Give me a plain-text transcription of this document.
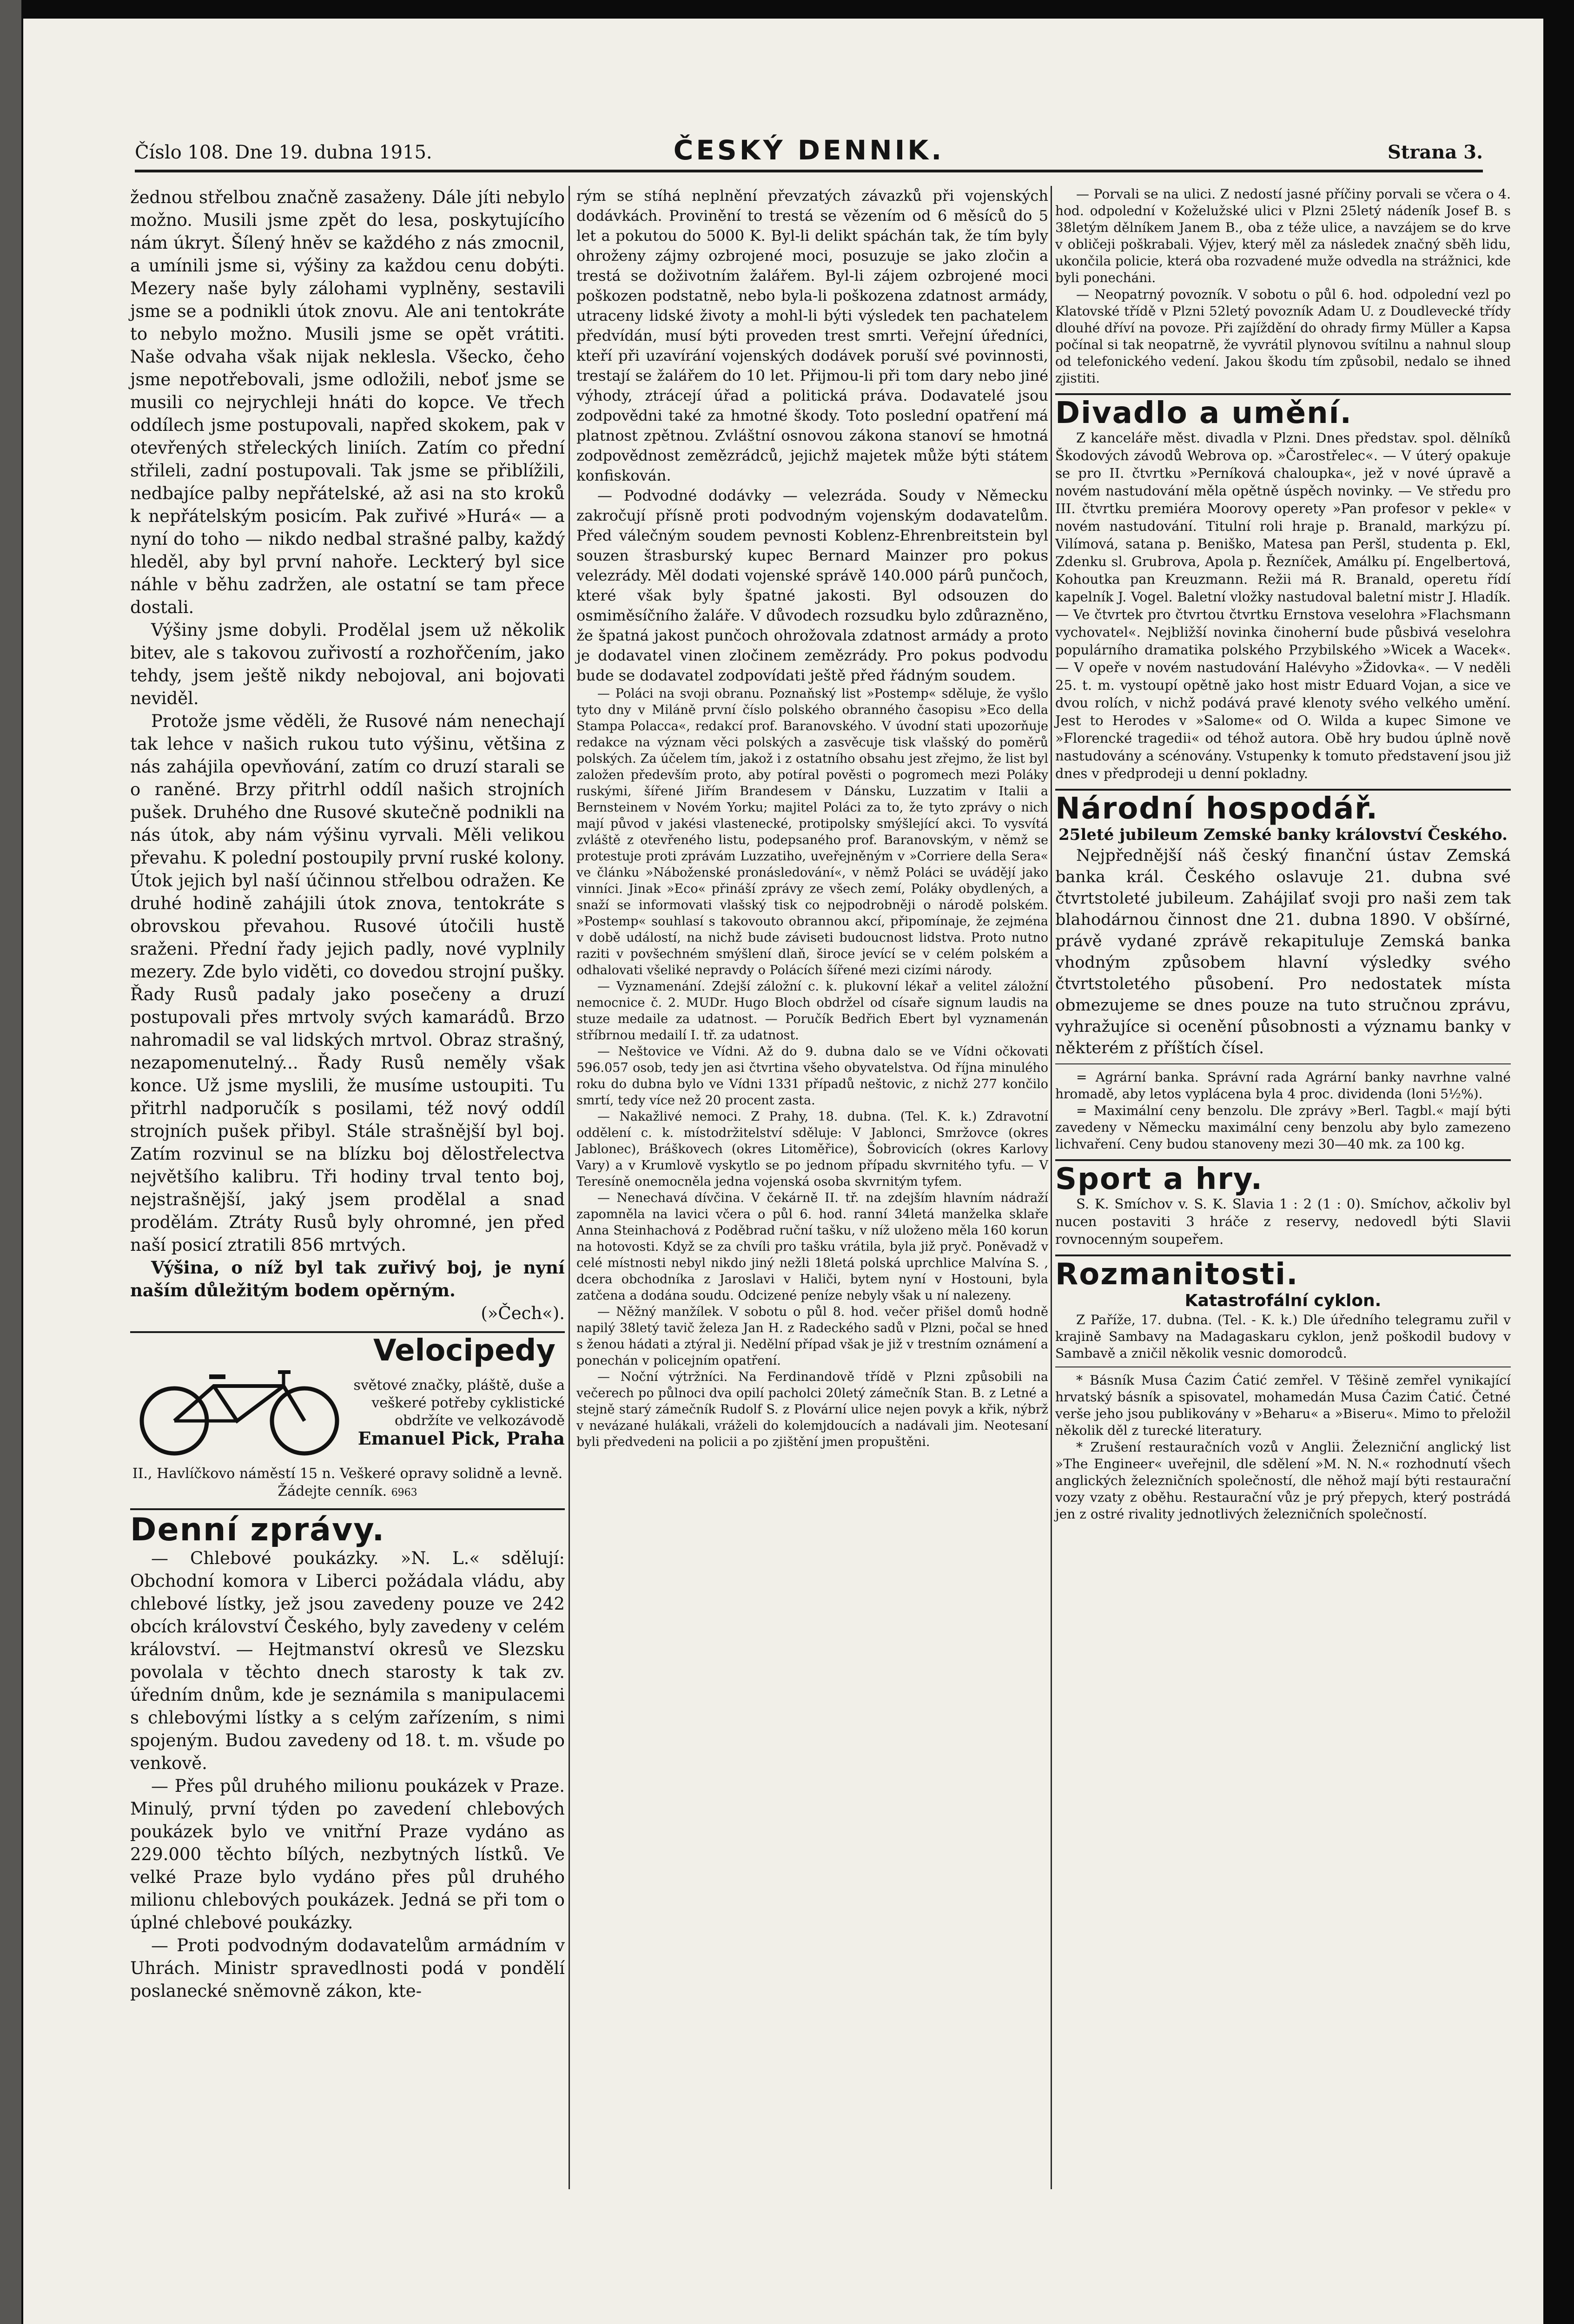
Číslo 108. Dne 19. dubna 1915.	ČESKÝ DENNIK.	Strana 3.

žednou střelbou značně zasaženy. Dále jíti nebylo možno. Musili jsme zpět do lesa, poskytujícího nám úkryt. Šílený hněv se každého z nás zmocnil, a umínili jsme si, výšiny za každou cenu dobýti. Mezery naše byly zálohami vyplněny, sestavili jsme se a podnikli útok znovu. Ale ani tentokráte to nebylo možno. Musili jsme se opět vrátiti. Naše odvaha však nijak neklesla. Všecko, čeho jsme nepotřebovali, jsme odložili, neboť jsme se musili co nejrychleji hnáti do kopce. Ve třech oddílech jsme postupovali, napřed skokem, pak v otevřených střeleckých liniích. Zatím co přední střileli, zadní postupovali. Tak jsme se přiblížili, nedbajíce palby nepřátelské, až asi na sto kroků k nepřátelským posicím. Pak zuřivé »Hurá« — a nyní do toho — nikdo nedbal strašné palby, každý hleděl, aby byl první nahoře. Leckterý byl sice náhle v běhu zadržen, ale ostatní se tam přece dostali.

Výšiny jsme dobyli. Prodělal jsem už několik bitev, ale s takovou zuřivostí a rozhořčením, jako tehdy, jsem ještě nikdy nebojoval, ani bojovati neviděl.

Protože jsme věděli, že Rusové nám nenechají tak lehce v našich rukou tuto výšinu, většina z nás zahájila opevňování, zatím co druzí starali se o raněné. Brzy přitrhl oddíl našich strojních pušek. Druhého dne Rusové skutečně podnikli na nás útok, aby nám výšinu vyrvali. Měli velikou převahu. K polední postoupily první ruské kolony. Útok jejich byl naší účinnou střelbou odražen. Ke druhé hodině zahájili útok znova, tentokráte s obrovskou převahou. Rusové útočili hustě sraženi. Přední řady jejich padly, nové vyplnily mezery. Zde bylo viděti, co dovedou strojní pušky. Řady Rusů padaly jako posečeny a druzí postupovali přes mrtvoly svých kamarádů. Brzo nahromadil se val lidských mrtvol. Obraz strašný, nezapomenutelný... Řady Rusů neměly však konce. Už jsme myslili, že musíme ustoupiti. Tu přitrhl nadporučík s posilami, též nový oddíl strojních pušek přibyl. Stále strašnější byl boj. Zatím rozvinul se na blízku boj dělostřelectva největšího kalibru. Tři hodiny trval tento boj, nejstrašnější, jaký jsem prodělal a snad prodělám. Ztráty Rusů byly ohromné, jen před naší posicí ztratili 856 mrtvých.

Výšina, o níž byl tak zuřivý boj, je nyní naším důležitým bodem opěrným.

(»Čech«).

Velocipedy
světové značky, pláště, duše a veškeré potřeby cyklistické obdržíte ve velkozávodě
Emanuel Pick, Praha

II., Havlíčkovo náměstí 15 n. Veškeré opravy solidně a levně. Žádejte cenník. 6963

Denní zprávy.

— Chlebové poukázky. »N. L.« sdělují: Obchodní komora v Liberci požádala vládu, aby chlebové lístky, jež jsou zavedeny pouze ve 242 obcích království Českého, byly zavedeny v celém království. — Hejtmanství okresů ve Slezsku povolala v těchto dnech starosty k tak zv. úředním dnům, kde je seznámila s manipulacemi s chlebovými lístky a s celým zařízením, s nimi spojeným. Budou zavedeny od 18. t. m. všude po venkově.

— Přes půl druhého milionu poukázek v Praze. Minulý, první týden po zavedení chlebových poukázek bylo ve vnitřní Praze vydáno as 229.000 těchto bílých, nezbytných lístků. Ve velké Praze bylo vydáno přes půl druhého milionu chlebových poukázek. Jedná se při tom o úplné chlebové poukázky.

— Proti podvodným dodavatelům armádním v Uhrách. Ministr spravedlnosti podá v pondělí poslanecké sněmovně zákon, kte-

rým se stíhá neplnění převzatých závazků při vojenských dodávkách. Provinění to trestá se vězením od 6 měsíců do 5 let a pokutou do 5000 K. Byl-li delikt spáchán tak, že tím byly ohroženy zájmy ozbrojené moci, posuzuje se jako zločin a trestá se doživotním žalářem. Byl-li zájem ozbrojené moci poškozen podstatně, nebo byla-li poškozena zdatnost armády, utraceny lidské životy a mohl-li býti výsledek ten pachatelem předvídán, musí býti proveden trest smrti. Veřejní úředníci, kteří při uzavírání vojenských dodávek poruší své povinnosti, trestají se žalářem do 10 let. Přijmou-li při tom dary nebo jiné výhody, ztrácejí úřad a politická práva. Dodavatelé jsou zodpovědni také za hmotné škody. Toto poslední opatření má platnost zpětnou. Zvláštní osnovou zákona stanoví se hmotná zodpovědnost zemězrádců, jejichž majetek může býti státem konfiskován.

— Podvodné dodávky — velezráda. Soudy v Německu zakročují přísně proti podvodným vojenským dodavatelům. Před válečným soudem pevnosti Koblenz-Ehrenbreitstein byl souzen štrasburský kupec Bernard Mainzer pro pokus velezrády. Měl dodati vojenské správě 140.000 párů punčoch, které však byly špatné jakosti. Byl odsouzen do osmiměsíčního žaláře. V důvodech rozsudku bylo zdůrazněno, že špatná jakost punčoch ohrožovala zdatnost armády a proto je dodavatel vinen zločinem zemězrády. Pro pokus podvodu bude se dodavatel zodpovídati ještě před řádným soudem.

— Poláci na svoji obranu. Poznaňský list »Postemp« sděluje, že vyšlo tyto dny v Miláně první číslo polského obranného časopisu »Eco della Stampa Polacca«, redakcí prof. Baranovského. V úvodní stati upozorňuje redakce na význam věci polských a zasvěcuje tisk vlašský do poměrů polských. Za účelem tím, jakož i z ostatního obsahu jest zřejmo, že list byl založen především proto, aby potíral pověsti o pogromech mezi Poláky ruskými, šířené Jiřím Brandesem v Dánsku, Luzzatim v Italii a Bernsteinem v Novém Yorku; majitel Poláci za to, že tyto zprávy o nich mají původ v jakési vlastenecké, protipolsky smýšlející akci. To vysvítá zvláště z otevřeného listu, podepsaného prof. Baranovským, v němž se protestuje proti zprávám Luzzatiho, uveřejněným v »Corriere della Sera« ve článku »Náboženské pronásledování«, v němž Poláci se uvádějí jako vinníci. Jinak »Eco« přináší zprávy ze všech zemí, Poláky obydlených, a snaží se informovati vlašský tisk co nejpodrobněji o národě polském. »Postemp« souhlasí s takovouto obrannou akcí, připomínaje, že zejména v době událostí, na nichž bude záviseti budoucnost lidstva. Proto nutno raziti v povšechném smýšlení dlaň, široce jevící se v celém polském a odhalovati všeliké nepravdy o Polácích šířené mezi cizími národy.

— Vyznamenání. Zdejší záložní c. k. plukovní lékař a velitel záložní nemocnice č. 2. MUDr. Hugo Bloch obdržel od císaře signum laudis na stuze medaile za udatnost. — Poručík Bedřich Ebert byl vyznamenán stříbrnou medailí I. tř. za udatnost.

— Neštovice ve Vídni. Až do 9. dubna dalo se ve Vídni očkovati 596.057 osob, tedy jen asi čtvrtina všeho obyvatelstva. Od října minulého roku do dubna bylo ve Vídni 1331 případů neštovic, z nichž 277 končilo smrtí, tedy více než 20 procent zasta.

— Nakažlivé nemoci. Z Prahy, 18. dubna. (Tel. K. k.) Zdravotní oddělení c. k. místodržitelství sděluje: V Jablonci, Smržovce (okres Jablonec), Bráškovech (okres Litoměřice), Šobrovicích (okres Karlovy Vary) a v Krumlově vyskytlo se po jednom případu skvrnitého tyfu. — V Teresíně onemocněla jedna vojenská osoba skvrnitým tyfem.

— Nenechavá dívčina. V čekárně II. tř. na zdejším hlavním nádraží zapomněla na lavici včera o půl 6. hod. ranní 34letá manželka sklaře Anna Steinhachová z Poděbrad ruční tašku, v níž uloženo měla 160 korun na hotovosti. Když se za chvíli pro tašku vrátila, byla již pryč. Poněvadž v celé místnosti nebyl nikdo jiný nežli 18letá polská uprchlice Malvína S. , dcera obchodníka z Jaroslavi v Haliči, bytem nyní v Hostouni, byla zatčena a dodána soudu. Odcizené peníze nebyly však u ní nalezeny.

— Něžný manžílek. V sobotu o půl 8. hod. večer přišel domů hodně napilý 38letý tavič železa Jan H. z Radeckého sadů v Plzni, počal se hned s ženou hádati a ztýral ji. Nedělní případ však je již v trestním oznámení a ponechán v policejním opatření.

— Noční výtržníci. Na Ferdinandově třídě v Plzni způsobili na večerech po půlnoci dva opilí pacholci 20letý zámečník Stan. B. z Letné a stejně starý zámečník Rudolf S. z Plovární ulice nejen povyk a křik, nýbrž v nevázané hulákali, vráželi do kolemjdoucích a nadávali jim. Neotesaní byli předvedeni na policii a po zjištění jmen propuštěni.

— Porvali se na ulici. Z nedostí jasné příčiny porvali se včera o 4. hod. odpolední v Koželužské ulici v Plzni 25letý nádeník Josef B. s 38letým dělníkem Janem B., oba z téže ulice, a navzájem se do krve v obličeji poškrabali. Výjev, který měl za následek značný sběh lidu, ukončila policie, která oba rozvadené muže odvedla na strážnici, kde byli ponecháni.

— Neopatrný povozník. V sobotu o půl 6. hod. odpolední vezl po Klatovské třídě v Plzni 52letý povozník Adam U. z Doudlevecké třídy dlouhé dříví na povoze. Při zajíždění do ohrady firmy Müller a Kapsa počínal si tak neopatrně, že vyvrátil plynovou svítilnu a nahnul sloup od telefonického vedení. Jakou škodu tím způsobil, nedalo se ihned zjistiti.

Divadlo a umění.

Z kanceláře měst. divadla v Plzni. Dnes představ. spol. dělníků Škodových závodů Webrova op. »Čarostřelec«. — V úterý opakuje se pro II. čtvrtku »Perníková chaloupka«, jež v nové úpravě a novém nastudování měla opětně úspěch novinky. — Ve středu pro III. čtvrtku premiéra Moorovy operety »Pan profesor v pekle« v novém nastudování. Titulní roli hraje p. Branald, markýzu pí. Vilímová, satana p. Beniško, Matesa pan Peršl, studenta p. Ekl, Zdenku sl. Grubrova, Apola p. Řezníček, Amálku pí. Engelbertová, Kohoutka pan Kreuzmann. Režii má R. Branald, operetu řídí kapelník J. Vogel. Baletní vložky nastudoval baletní mistr J. Hladík. — Ve čtvrtek pro čtvrtou čtvrtku Ernstova veselohra »Flachsmann vychovatel«. Nejbližší novinka činoherní bude půsbivá veselohra populárního dramatika polského Przybilského »Wicek a Wacek«. — V opeře v novém nastudování Halévyho »Židovka«. — V neděli 25. t. m. vystoupí opětně jako host mistr Eduard Vojan, a sice ve dvou rolích, v nichž podává pravé klenoty svého velkého umění. Jest to Herodes v »Salome« od O. Wilda a kupec Simone ve »Florencké tragedii« od téhož autora. Obě hry budou úplně nově nastudovány a scénovány. Vstupenky k tomuto představení jsou již dnes v předprodeji u denní pokladny.

Národní hospodář.

25leté jubileum Zemské banky království Českého.

Nejpřednější náš český finanční ústav Zemská banka král. Českého oslavuje 21. dubna své čtvrtstoleté jubileum. Zahájilať svoji pro naši zem tak blahodárnou činnost dne 21. dubna 1890. V obšírné, právě vydané zprávě rekapituluje Zemská banka vhodným způsobem hlavní výsledky svého čtvrtstoletého působení. Pro nedostatek místa obmezujeme se dnes pouze na tuto stručnou zprávu, vyhražujíce si ocenění působnosti a významu banky v některém z příštích čísel.

= Agrární banka. Správní rada Agrární banky navrhne valné hromadě, aby letos vyplácena byla 4 proc. dividenda (loni 5½%).

= Maximální ceny benzolu. Dle zprávy »Berl. Tagbl.« mají býti zavedeny v Německu maximální ceny benzolu aby bylo zamezeno lichvaření. Ceny budou stanoveny mezi 30—40 mk. za 100 kg.

Sport a hry.

S. K. Smíchov v. S. K. Slavia 1 : 2 (1 : 0). Smíchov, ačkoliv byl nucen postaviti 3 hráče z reservy, nedovedl býti Slavii rovnocenným soupeřem.

Rozmanitosti.

Katastrofální cyklon.

Z Paříže, 17. dubna. (Tel. - K. k.) Dle úředního telegramu zuřil v krajině Sambavy na Madagaskaru cyklon, jenž poškodil budovy v Sambavě a zničil několik vesnic domorodců.

* Básník Musa Ćazim Ćatić zemřel. V Těšině zemřel vynikající hrvatský básník a spisovatel, mohamedán Musa Ćazim Ćatić. Četné verše jeho jsou publikovány v »Beharu« a »Biseru«. Mimo to přeložil několik děl z turecké literatury.

* Zrušení restauračních vozů v Anglii. Železniční anglický list »The Engineer« uveřejnil, dle sdělení »M. N. N.« rozhodnutí všech anglických železničních společností, dle něhož mají býti restaurační vozy vzaty z oběhu. Restaurační vůz je prý přepych, který postrádá jen z ostré rivality jednotlivých železničních společností.
